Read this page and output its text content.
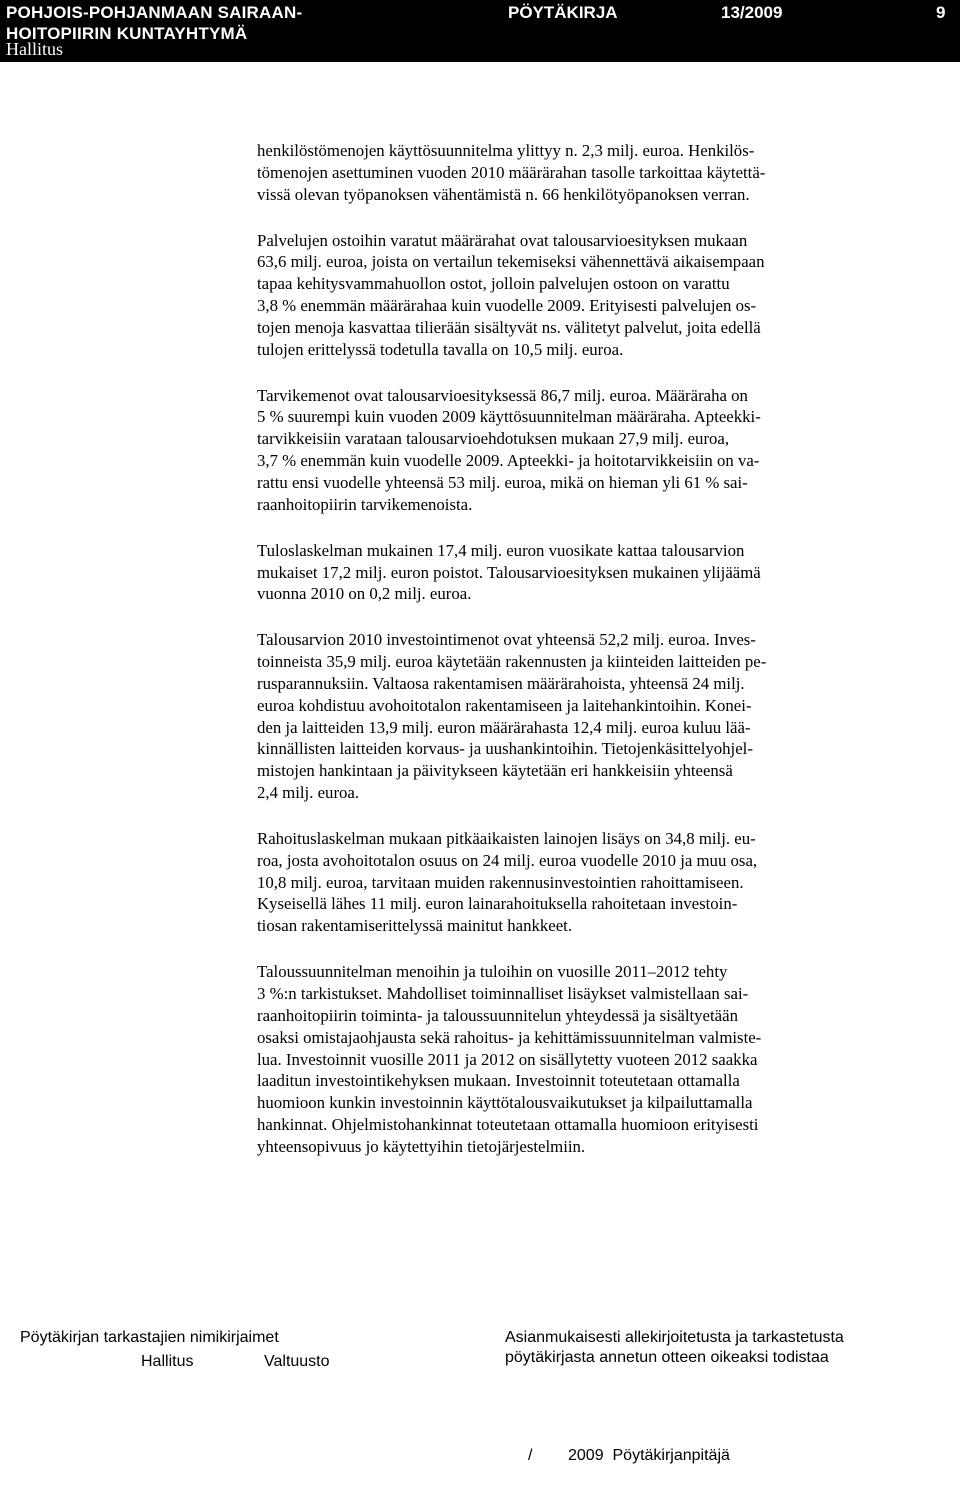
POHJOIS-POHJANMAAN SAIRAAN-
HOITOPIIRIN KUNTAYHTYMÄ
PÖYTÄKIRJA	13/2009	9
Hallitus

henkilöstömenojen käyttösuunnitelma ylittyy n. 2,3 milj. euroa. Henkilös-
tömenojen asettuminen vuoden 2010 määrärahan tasolle tarkoittaa käytettä-
vissä olevan työpanoksen vähentämistä n. 66 henkilötyöpanoksen verran.

Palvelujen ostoihin varatut määrärahat ovat talousarvioesityksen mukaan
63,6 milj. euroa, joista on vertailun tekemiseksi vähennettävä aikaisempaan
tapaa kehitysvammahuollon ostot, jolloin palvelujen ostoon on varattu
3,8 % enemmän määrärahaa kuin vuodelle 2009. Erityisesti palvelujen os-
tojen menoja kasvattaa tilierään sisältyvät ns. välitetyt palvelut, joita edellä
tulojen erittelyssä todetulla tavalla on 10,5 milj. euroa.

Tarvikemenot ovat talousarvioesityksessä 86,7 milj. euroa. Määräraha on
5 % suurempi kuin vuoden 2009 käyttösuunnitelman määräraha. Apteekki-
tarvikkeisiin varataan talousarvioehdotuksen mukaan 27,9 milj. euroa,
3,7 % enemmän kuin vuodelle 2009. Apteekki- ja hoitotarvikkeisiin on va-
rattu ensi vuodelle yhteensä 53 milj. euroa, mikä on hieman yli 61 % sai-
raanhoitopiirin tarvikemenoista.

Tuloslaskelman mukainen 17,4 milj. euron vuosikate kattaa talousarvion
mukaiset 17,2 milj. euron poistot. Talousarvioesityksen mukainen ylijäämä
vuonna 2010 on 0,2 milj. euroa.

Talousarvion 2010 investointimenot ovat yhteensä 52,2 milj. euroa. Inves-
toinneista 35,9 milj. euroa käytetään rakennusten ja kiinteiden laitteiden pe-
rusparannuksiin. Valtaosa rakentamisen määrärahoista, yhteensä 24 milj.
euroa kohdistuu avohoitotalon rakentamiseen ja laitehankintoihin. Konei-
den ja laitteiden 13,9 milj. euron määrärahasta 12,4 milj. euroa kuluu lää-
kinnällisten laitteiden korvaus- ja uushankintoihin. Tietojenkäsittelyohjel-
mistojen hankintaan ja päivitykseen käytetään eri hankkeisiin yhteensä
2,4 milj. euroa.

Rahoituslaskelman mukaan pitkäaikaisten lainojen lisäys on 34,8 milj. eu-
roa, josta avohoitotalon osuus on 24 milj. euroa vuodelle 2010 ja muu osa,
10,8 milj. euroa, tarvitaan muiden rakennusinvestointien rahoittamiseen.
Kyseisellä lähes 11 milj. euron lainarahoituksella rahoitetaan investoin-
tiosan rakentamiserittelyssä mainitut hankkeet.

Taloussuunnitelman menoihin ja tuloihin on vuosille 2011–2012 tehty
3 %:n tarkistukset. Mahdolliset toiminnalliset lisäykset valmistellaan sai-
raanhoitopiirin toiminta- ja taloussuunnitelun yhteydessä ja sisältyetään
osaksi omistajaohjausta sekä rahoitus- ja kehittämissuunnitelman valmiste-
lua. Investoinnit vuosille 2011 ja 2012 on sisällytetty vuoteen 2012 saakka
laaditun investointikehyksen mukaan. Investoinnit toteutetaan ottamalla
huomioon kunkin investoinnin käyttötalousvaikutukset ja kilpailuttamalla
hankinnat. Ohjelmistohankinnat toteutetaan ottamalla huomioon erityisesti
yhteensopivuus jo käytettyihin tietojärjestelmiin.

Pöytäkirjan tarkastajien nimikirjaimet
Hallitus	Valtuusto
Asianmukaisesti allekirjoitetusta ja tarkastetusta
pöytäkirjasta annetun otteen oikeaksi todistaa
/        2009  Pöytäkirjanpitäjä
